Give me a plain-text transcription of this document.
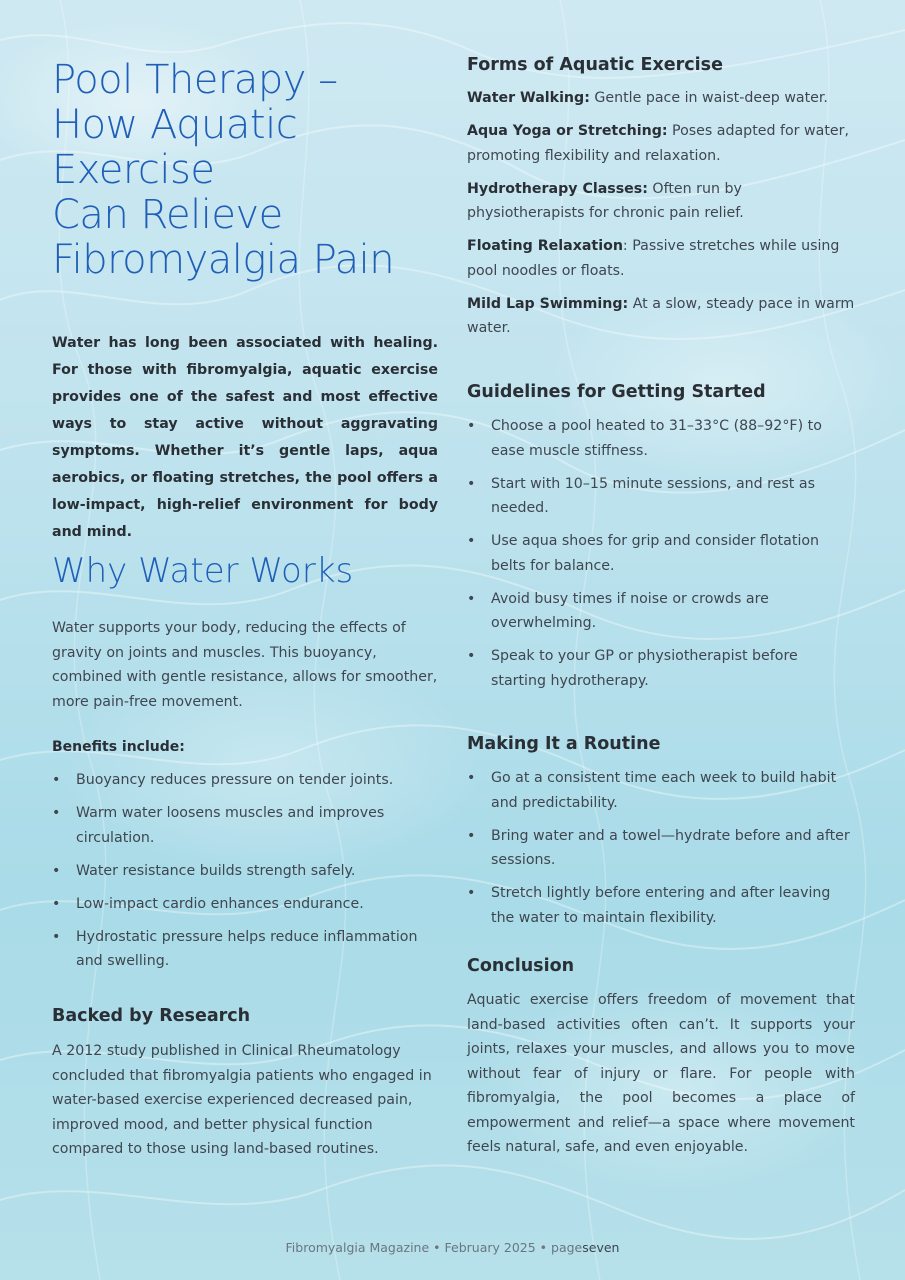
Pool Therapy –
How Aquatic
Exercise
Can Relieve
Fibromyalgia Pain

Water has long been associated with healing. For those with fibromyalgia, aquatic exercise provides one of the safest and most effective ways to stay active without aggravating symptoms. Whether it’s gentle laps, aqua aerobics, or floating stretches, the pool offers a low-impact, high-relief environment for body and mind.

Why Water Works

Water supports your body, reducing the effects of gravity on joints and muscles. This buoyancy, combined with gentle resistance, allows for smoother, more pain-free movement.

Benefits include:

• Buoyancy reduces pressure on tender joints.
• Warm water loosens muscles and improves circulation.
• Water resistance builds strength safely.
• Low-impact cardio enhances endurance.
• Hydrostatic pressure helps reduce inflammation and swelling.
Backed by Research

A 2012 study published in Clinical Rheumatology concluded that fibromyalgia patients who engaged in water-based exercise experienced decreased pain, improved mood, and better physical function compared to those using land-based routines.

Forms of Aquatic Exercise

Water Walking: Gentle pace in waist-deep water.

Aqua Yoga or Stretching: Poses adapted for water, promoting flexibility and relaxation.

Hydrotherapy Classes: Often run by physiotherapists for chronic pain relief.

Floating Relaxation: Passive stretches while using pool noodles or floats.

Mild Lap Swimming: At a slow, steady pace in warm water.

Guidelines for Getting Started
• Choose a pool heated to 31–33°C (88–92°F) to ease muscle stiffness.
• Start with 10–15 minute sessions, and rest as needed.
• Use aqua shoes for grip and consider flotation belts for balance.
• Avoid busy times if noise or crowds are overwhelming.
• Speak to your GP or physiotherapist before starting hydrotherapy.
Making It a Routine
• Go at a consistent time each week to build habit and predictability.
• Bring water and a towel—hydrate before and after sessions.
• Stretch lightly before entering and after leaving the water to maintain flexibility.
Conclusion

Aquatic exercise offers freedom of movement that land-based activities often can’t. It supports your joints, relaxes your muscles, and allows you to move without fear of injury or flare. For people with fibromyalgia, the pool becomes a place of empowerment and relief—a space where movement feels natural, safe, and even enjoyable.

Fibromyalgia Magazine • February 2025 • pageseven
